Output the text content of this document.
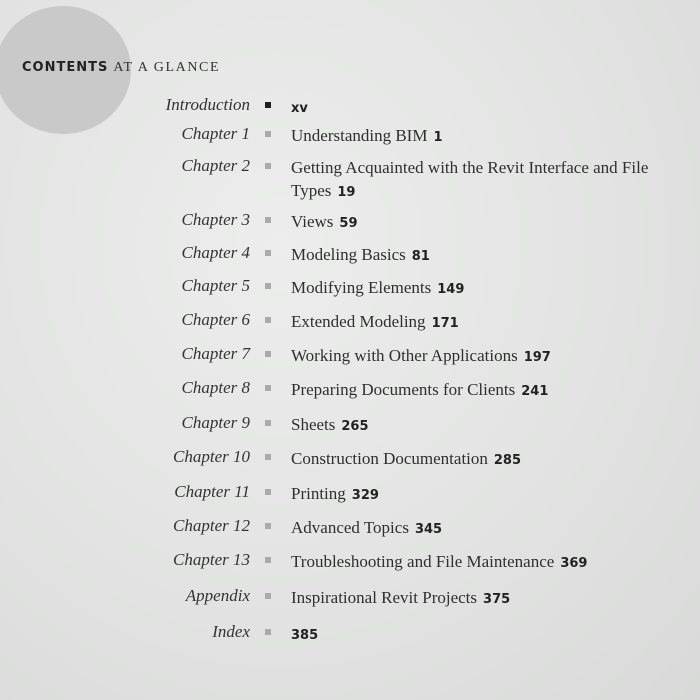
CONTENTS AT A GLANCE
Introduction	xv
Chapter 1 Understanding BIM 1
Chapter 2 Getting Acquainted with the Revit Interface and File Types 19
Chapter 3 Views 59
Chapter 4 Modeling Basics 81
Chapter 5 Modifying Elements 149
Chapter 6 Extended Modeling 171
Chapter 7 Working with Other Applications 197
Chapter 8 Preparing Documents for Clients 241
Chapter 9 Sheets 265
Chapter 10 Construction Documentation 285
Chapter 11 Printing 329
Chapter 12 Advanced Topics 345
Chapter 13 Troubleshooting and File Maintenance 369
Appendix Inspirational Revit Projects 375
Index	385
